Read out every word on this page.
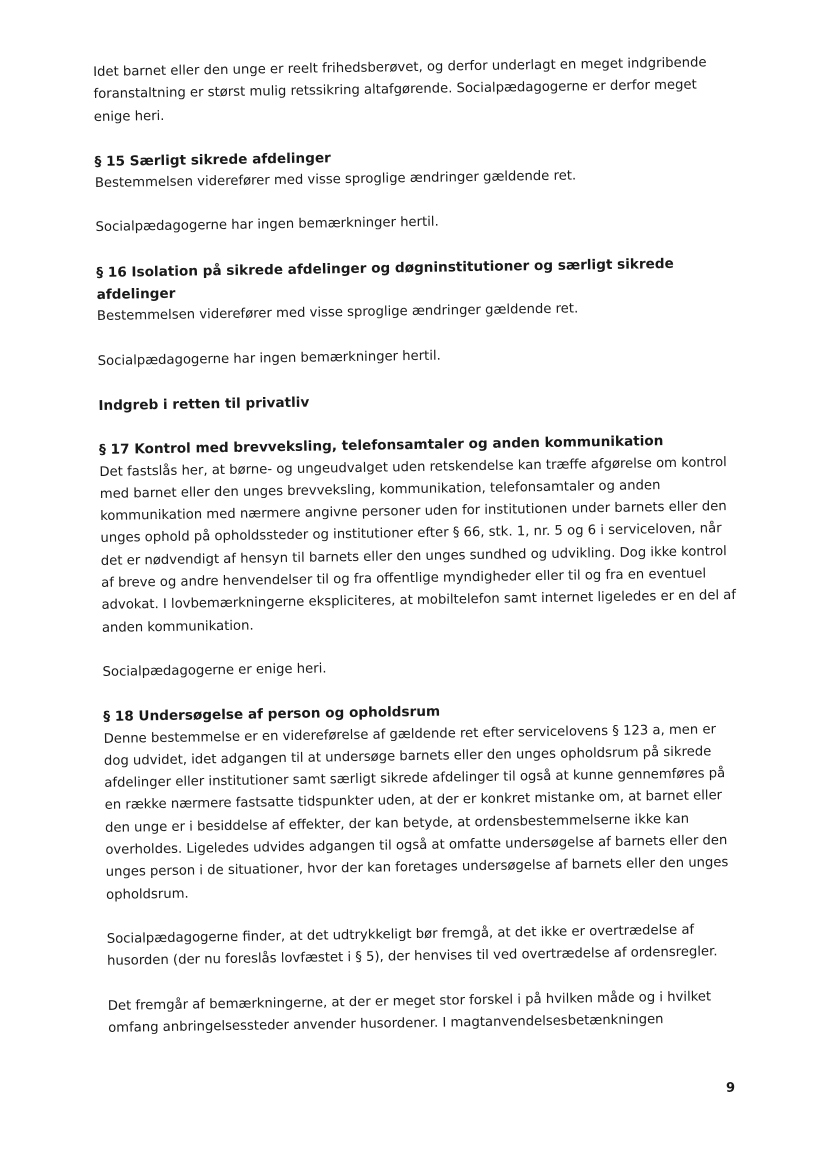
Idet barnet eller den unge er reelt frihedsberøvet, og derfor underlagt en meget indgribende foranstaltning er størst mulig retssikring altafgørende. Socialpædagogerne er derfor meget enige heri.

§ 15 Særligt sikrede afdelinger

Bestemmelsen viderefører med visse sproglige ændringer gældende ret.

Socialpædagogerne har ingen bemærkninger hertil.

§ 16 Isolation på sikrede afdelinger og døgninstitutioner og særligt sikrede afdelinger

Bestemmelsen viderefører med visse sproglige ændringer gældende ret.

Socialpædagogerne har ingen bemærkninger hertil.

Indgreb i retten til privatliv
§ 17 Kontrol med brevveksling, telefonsamtaler og anden kommunikation

Det fastslås her, at børne- og ungeudvalget uden retskendelse kan træffe afgørelse om kontrol med barnet eller den unges brevveksling, kommunikation, telefonsamtaler og anden kommunikation med nærmere angivne personer uden for institutionen under barnets eller den unges ophold på opholdssteder og institutioner efter § 66, stk. 1, nr. 5 og 6 i serviceloven, når det er nødvendigt af hensyn til barnets eller den unges sundhed og udvikling. Dog ikke kontrol af breve og andre henvendelser til og fra offentlige myndigheder eller til og fra en eventuel advokat. I lovbemærkningerne ekspliciteres, at mobiltelefon samt internet ligeledes er en del af anden kommunikation.

Socialpædagogerne er enige heri.

§ 18 Undersøgelse af person og opholdsrum

Denne bestemmelse er en videreførelse af gældende ret efter servicelovens § 123 a, men er dog udvidet, idet adgangen til at undersøge barnets eller den unges opholdsrum på sikrede afdelinger eller institutioner samt særligt sikrede afdelinger til også at kunne gennemføres på en række nærmere fastsatte tidspunkter uden, at der er konkret mistanke om, at barnet eller den unge er i besiddelse af effekter, der kan betyde, at ordensbestemmelserne ikke kan overholdes. Ligeledes udvides adgangen til også at omfatte undersøgelse af barnets eller den unges person i de situationer, hvor der kan foretages undersøgelse af barnets eller den unges opholdsrum.

Socialpædagogerne finder, at det udtrykkeligt bør fremgå, at det ikke er overtrædelse af husorden (der nu foreslås lovfæstet i § 5), der henvises til ved overtrædelse af ordensregler.

Det fremgår af bemærkningerne, at der er meget stor forskel i på hvilken måde og i hvilket omfang anbringelsessteder anvender husordener. I magtanvendelsesbetænkningen

9
